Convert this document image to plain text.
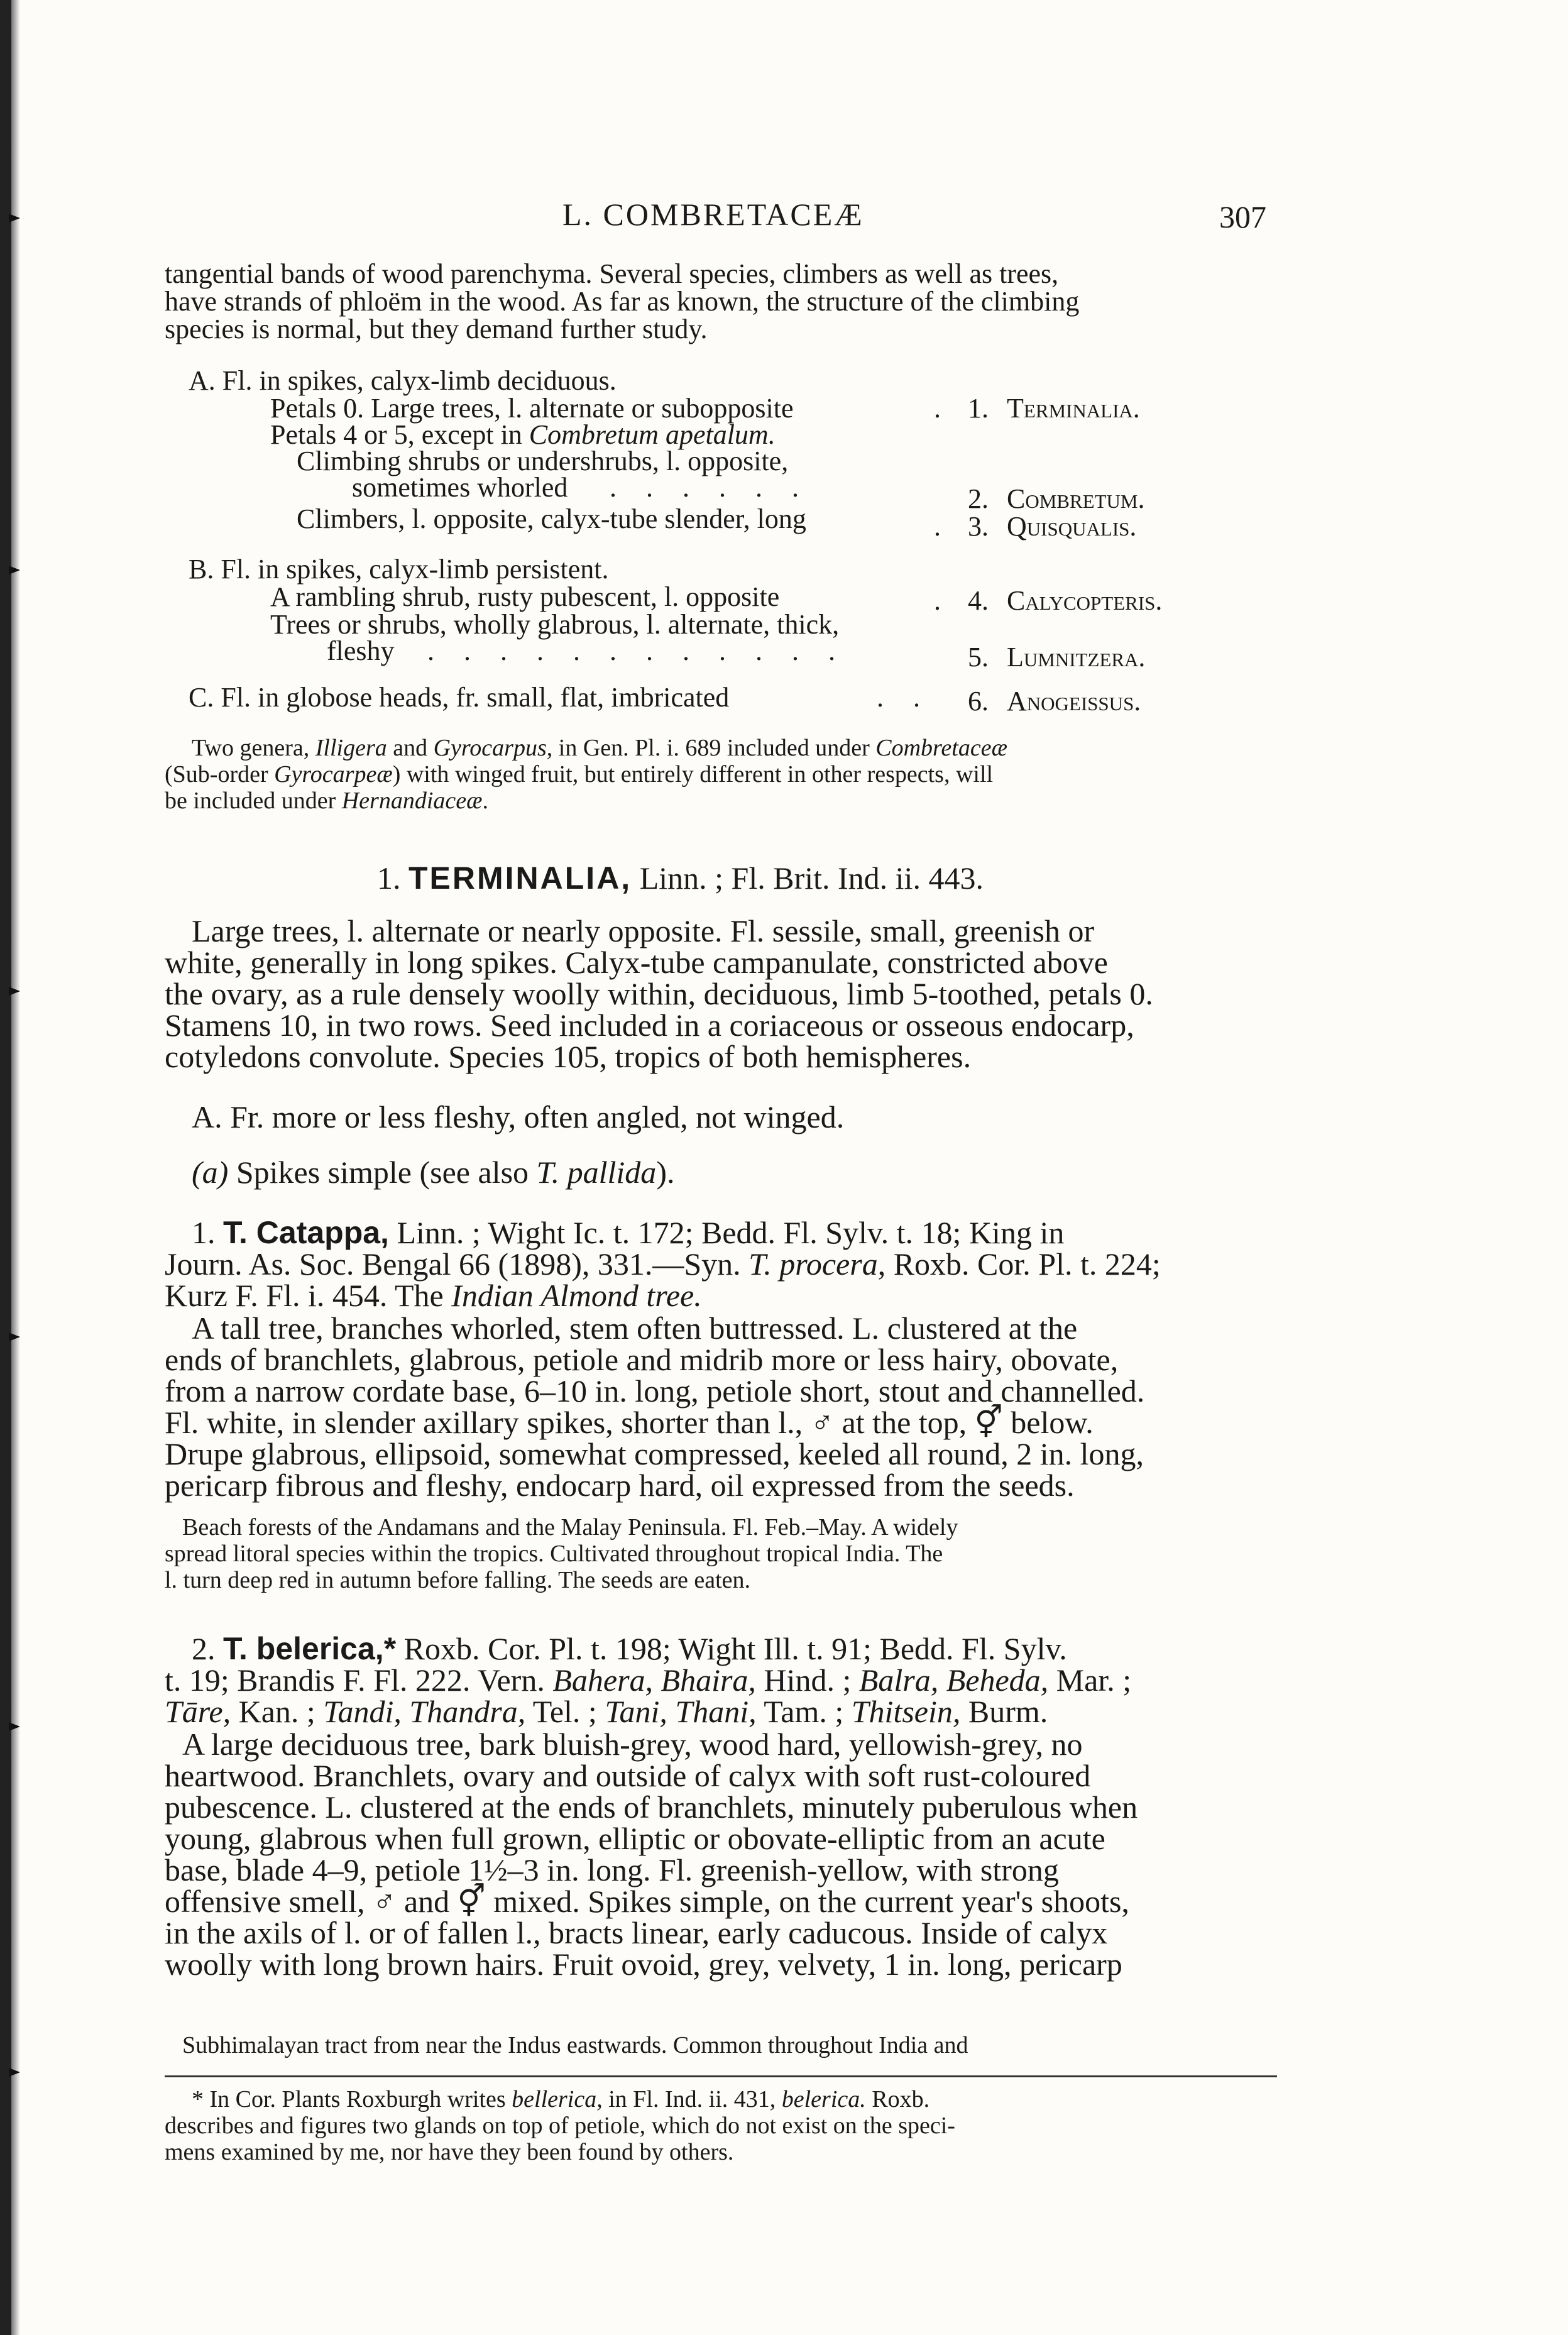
L. COMBRETACEÆ	307
tangential bands of wood parenchyma. Several species, climbers as well as trees,
have strands of phloëm in the wood. As far as known, the structure of the climbing
species is normal, but they demand further study.
A. Fl. in spikes, calyx-limb deciduous.
Petals 0. Large trees, l. alternate or subopposite	. 1. Terminalia.
Petals 4 or 5, except in Combretum apetalum.
Climbing shrubs or undershrubs, l. opposite,
sometimes whorled . . . . . .	2. Combretum.
Climbers, l. opposite, calyx-tube slender, long	. 3. Quisqualis.
B. Fl. in spikes, calyx-limb persistent.
A rambling shrub, rusty pubescent, l. opposite	. 4. Calycopteris.
Trees or shrubs, wholly glabrous, l. alternate, thick,
fleshy . . . . . . . . . . . .	5. Lumnitzera.
C. Fl. in globose heads, fr. small, flat, imbricated	. . 6. Anogeissus.
Two genera, Illigera and Gyrocarpus, in Gen. Pl. i. 689 included under Combretaceæ
(Sub-order Gyrocarpeæ) with winged fruit, but entirely different in other respects, will
be included under Hernandiaceæ.
1. TERMINALIA, Linn. ; Fl. Brit. Ind. ii. 443.
Large trees, l. alternate or nearly opposite. Fl. sessile, small, greenish or
white, generally in long spikes. Calyx-tube campanulate, constricted above
the ovary, as a rule densely woolly within, deciduous, limb 5-toothed, petals 0.
Stamens 10, in two rows. Seed included in a coriaceous or osseous endocarp,
cotyledons convolute. Species 105, tropics of both hemispheres.
A. Fr. more or less fleshy, often angled, not winged.
(a) Spikes simple (see also T. pallida).
1. T. Catappa, Linn. ; Wight Ic. t. 172; Bedd. Fl. Sylv. t. 18; King in
Journ. As. Soc. Bengal 66 (1898), 331.—Syn. T. procera, Roxb. Cor. Pl. t. 224;
Kurz F. Fl. i. 454. The Indian Almond tree.
A tall tree, branches whorled, stem often buttressed. L. clustered at the
ends of branchlets, glabrous, petiole and midrib more or less hairy, obovate,
from a narrow cordate base, 6–10 in. long, petiole short, stout and channelled.
Fl. white, in slender axillary spikes, shorter than l., ♂ at the top, ⚥ below.
Drupe glabrous, ellipsoid, somewhat compressed, keeled all round, 2 in. long,
pericarp fibrous and fleshy, endocarp hard, oil expressed from the seeds.
Beach forests of the Andamans and the Malay Peninsula. Fl. Feb.–May. A widely
spread litoral species within the tropics. Cultivated throughout tropical India. The
l. turn deep red in autumn before falling. The seeds are eaten.
2. T. belerica,* Roxb. Cor. Pl. t. 198; Wight Ill. t. 91; Bedd. Fl. Sylv.
t. 19; Brandis F. Fl. 222. Vern. Bahera, Bhaira, Hind. ; Balra, Beheda, Mar. ;
Tāre, Kan. ; Tandi, Thandra, Tel. ; Tani, Thani, Tam. ; Thitsein, Burm.
A large deciduous tree, bark bluish-grey, wood hard, yellowish-grey, no
heartwood. Branchlets, ovary and outside of calyx with soft rust-coloured
pubescence. L. clustered at the ends of branchlets, minutely puberulous when
young, glabrous when full grown, elliptic or obovate-elliptic from an acute
base, blade 4–9, petiole 1½–3 in. long. Fl. greenish-yellow, with strong
offensive smell, ♂ and ⚥ mixed. Spikes simple, on the current year's shoots,
in the axils of l. or of fallen l., bracts linear, early caducous. Inside of calyx
woolly with long brown hairs. Fruit ovoid, grey, velvety, 1 in. long, pericarp
Subhimalayan tract from near the Indus eastwards. Common throughout India and
* In Cor. Plants Roxburgh writes bellerica, in Fl. Ind. ii. 431, belerica. Roxb.
describes and figures two glands on top of petiole, which do not exist on the speci-
mens examined by me, nor have they been found by others.
